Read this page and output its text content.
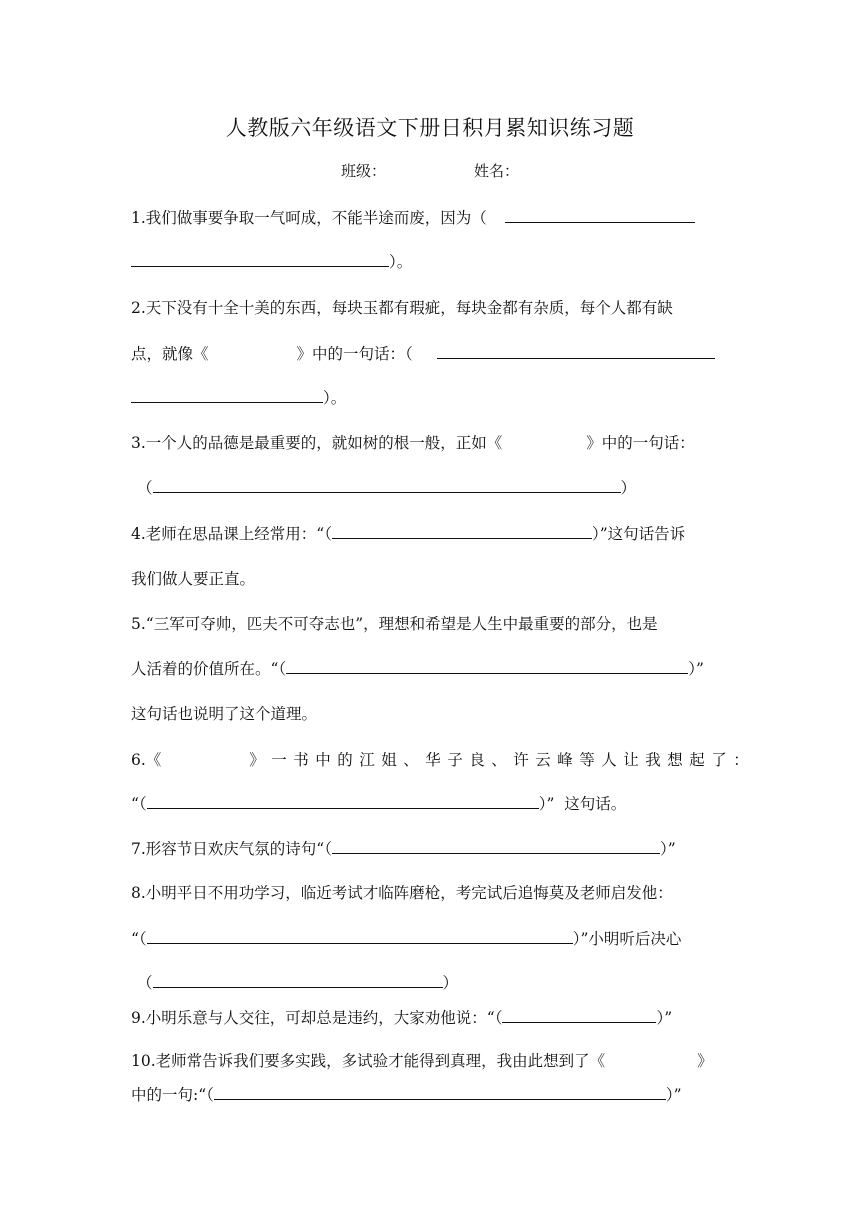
人教版六年级语文下册日积月累知识练习题
班级：	姓名：
1.我们做事要争取一气呵成，不能半途而废，因为（
）。
2.天下没有十全十美的东西，每块玉都有瑕疵，每块金都有杂质，每个人都有缺
点，就像《	》中的一句话：（
）。
3.一个人的品德是最重要的，就如树的根一般，正如《	》中的一句话：
（	）
4.老师在思品课上经常用：“（	）”这句话告诉
我们做人要正直。
5.“三军可夺帅，匹夫不可夺志也”，理想和希望是人生中最重要的部分，也是
人活着的价值所在。“（	）”
这句话也说明了这个道理。
6.《	》一书中的江姐、华子良、许云峰等人让我想起了：
“（	）”  这句话。
7.形容节日欢庆气氛的诗句“（	）”
8.小明平日不用功学习，临近考试才临阵磨枪，考完试后追悔莫及老师启发他：
“（	）”小明听后决心
（	）
9.小明乐意与人交往，可却总是违约，大家劝他说：“（	）”
10.老师常告诉我们要多实践，多试验才能得到真理，我由此想到了《	》
中的一句:“（	）”
